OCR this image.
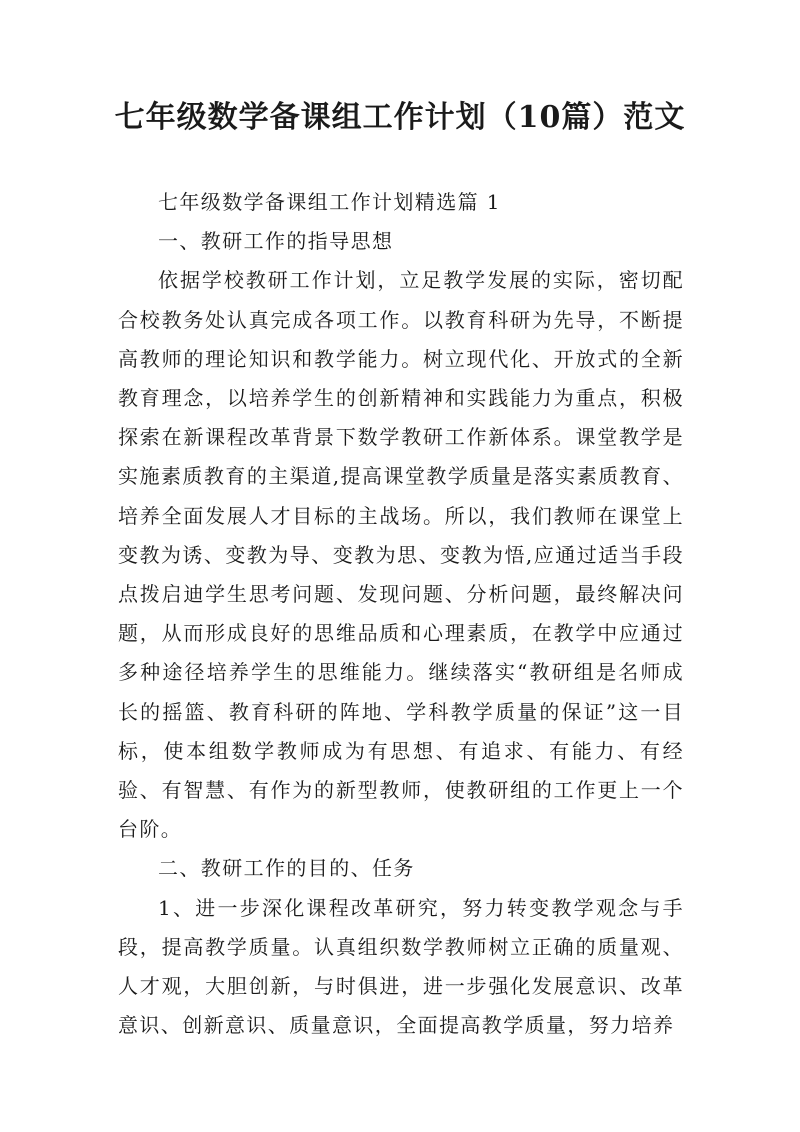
七年级数学备课组工作计划（10篇）范文

七年级数学备课组工作计划精选篇 1

一、教研工作的指导思想

依据学校教研工作计划，立足教学发展的实际，密切配合校教务处认真完成各项工作。以教育科研为先导，不断提高教师的理论知识和教学能力。树立现代化、开放式的全新教育理念，以培养学生的创新精神和实践能力为重点，积极探索在新课程改革背景下数学教研工作新体系。课堂教学是实施素质教育的主渠道,提高课堂教学质量是落实素质教育、培养全面发展人才目标的主战场。所以，我们教师在课堂上变教为诱、变教为导、变教为思、变教为悟,应通过适当手段点拨启迪学生思考问题、发现问题、分析问题，最终解决问题，从而形成良好的思维品质和心理素质，在教学中应通过多种途径培养学生的思维能力。继续落实“教研组是名师成长的摇篮、教育科研的阵地、学科教学质量的保证”这一目标，使本组数学教师成为有思想、有追求、有能力、有经验、有智慧、有作为的新型教师，使教研组的工作更上一个台阶。

二、教研工作的目的、任务

1、进一步深化课程改革研究，努力转变教学观念与手段，提高教学质量。认真组织数学教师树立正确的质量观、人才观，大胆创新，与时俱进，进一步强化发展意识、改革意识、创新意识、质量意识，全面提高教学质量，努力培养
